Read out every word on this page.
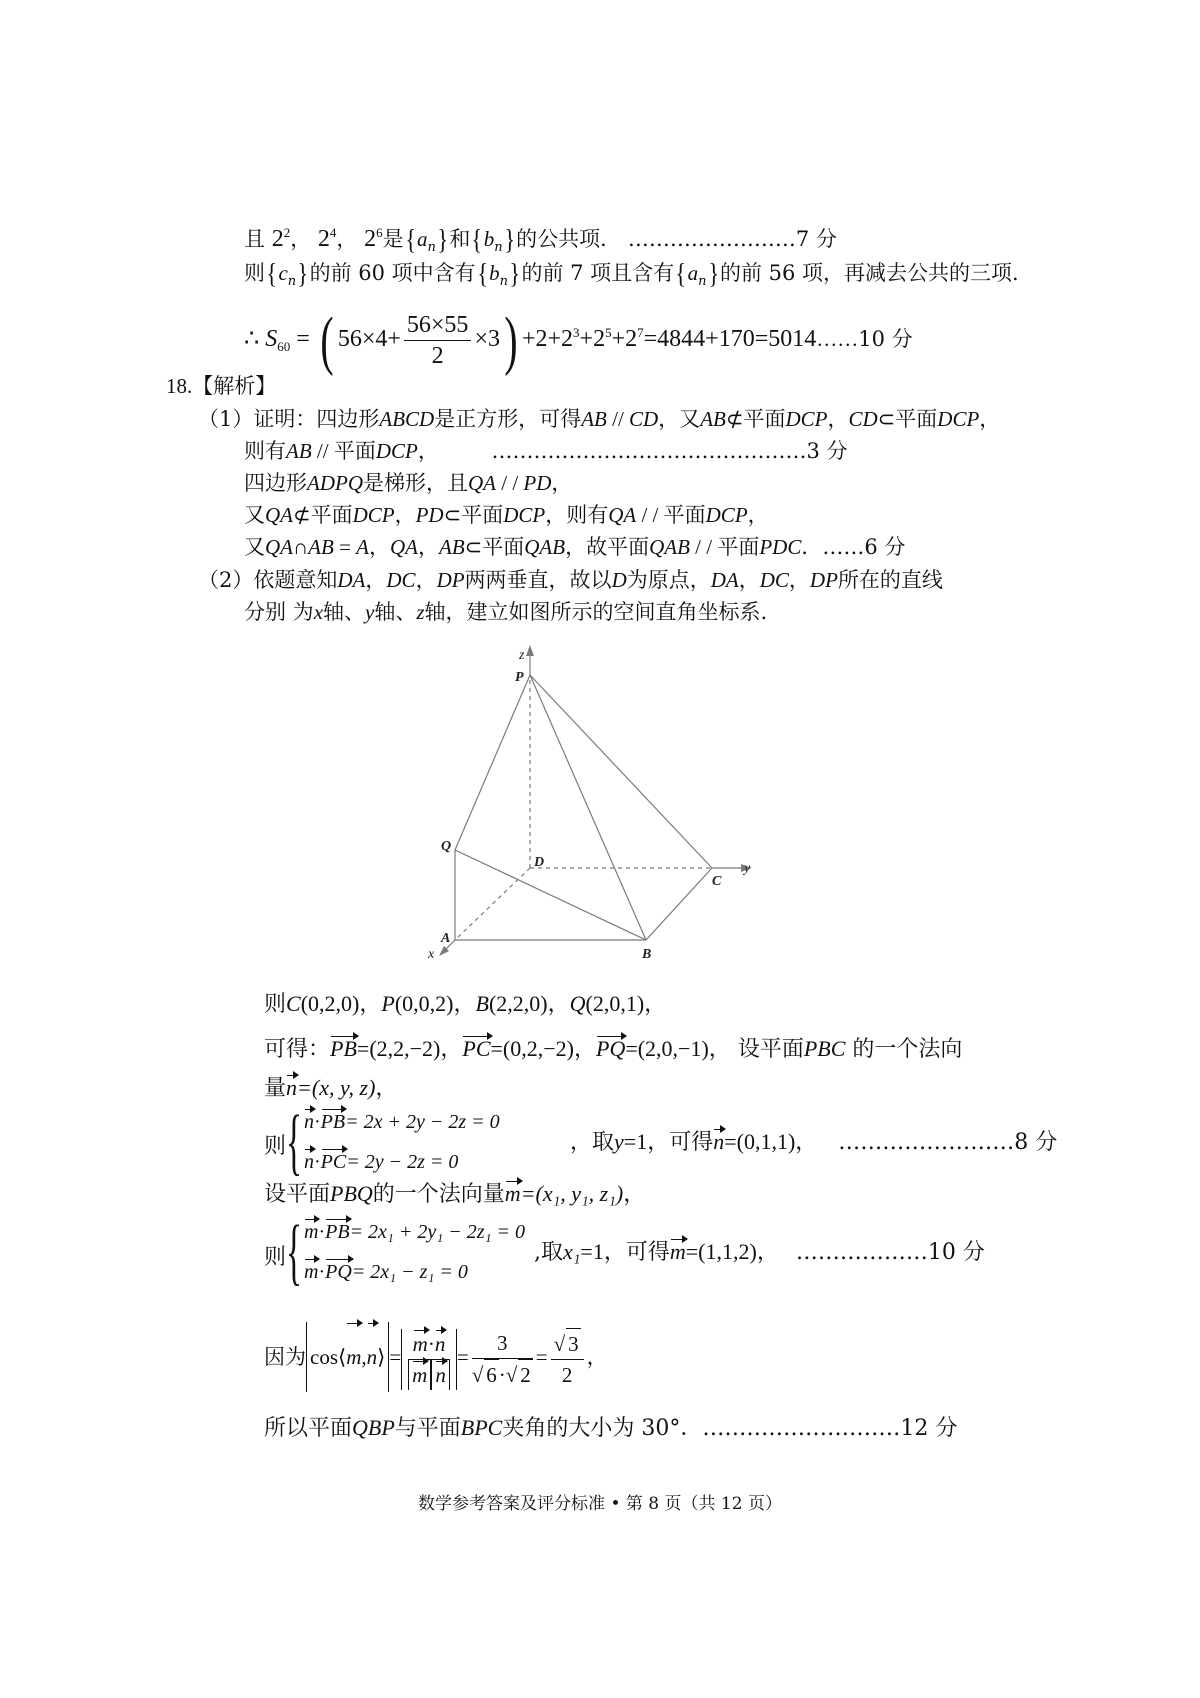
且 $2^2$， $2^4$， $2^6$是$\{a_n\}$和$\{b_n\}$的公共项． ……………………7 分
则$\{c_n\}$的前 60 项中含有$\{b_n\}$的前 7 项且含有$\{a_n\}$的前 56 项，再减去公共的三项.
∴ $S_{60}$ = ( $56\times 4+ \frac{56\times 55}{2} \times 3$) $+2+2^3+2^5+2^7=4844+170=5014\dots\dots 10$ 分
18.【解析】
（1）证明：四边形ABCD是正方形，可得AB // CD，又AB⊄平面DCP，CD⊂平面DCP，
则有AB // 平面DCP，	………………………………………3 分
四边形ADPQ是梯形，且QA / / PD，
又QA⊄平面DCP，PD⊂平面DCP，则有QA / / 平面DCP，
又QA∩AB = A，QA，AB⊂平面QAB，故平面QAB / / 平面PDC．……6 分
（2）依题意知DA，DC，DP两两垂直，故以D为原点，DA，DC，DP所在的直线
分别 为x轴、y轴、z轴，建立如图所示的空间直角坐标系.
z
P
Q
D
C
y
A
x	B
则C(0,2,0)，P(0,0,2)，B(2,2,0)，Q(2,0,1)，
可得：PB=(2,2,−2)，PC=(0,2,−2)，PQ=(2,0,−1)， 设平面PBC 的一个法向
量n=(x, y, z)，
则 { n·PB= 2x + 2y − 2z = 0
n·PC= 2y − 2z = 0
，取y=1，可得n=(0,1,1)， ……………………8 分
设平面PBQ的一个法向量m=(x₁, y₁, z₁)，
则 { m·PB= 2x₁ + 2y₁ − 2z₁ = 0
m·PQ= 2x₁ − z₁ = 0
,取x₁=1，可得m=(1,1,2)， ………………10 分
因为 cos⟨m,n⟩ = $\frac{m\cdot n}{\text{m n}} = \frac{3}{√ 6\cdot√ 2} = \frac{√ 3}{2}$ ，
所以平面QBP与平面BPC夹角的大小为 30°．………………………12 分
数学参考答案及评分标准 • 第 8 页（共 12 页）
